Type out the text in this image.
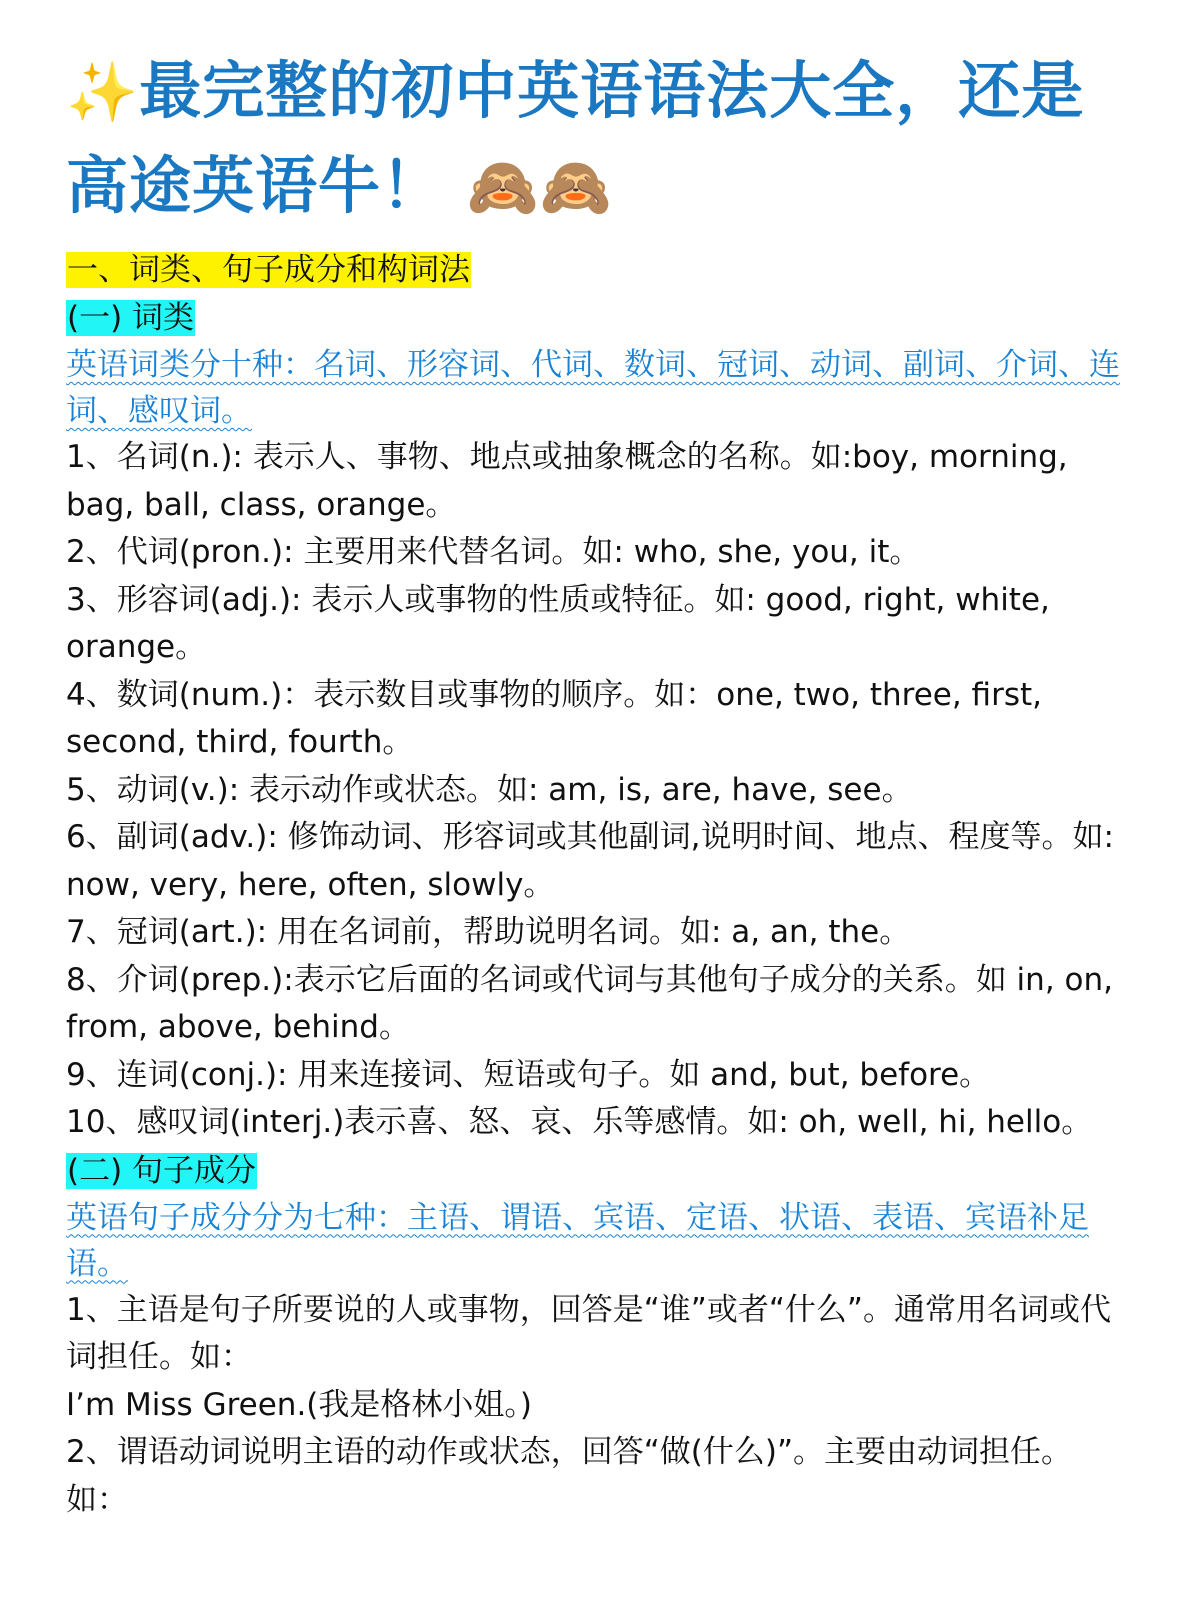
✨最完整的初中英语语法大全，还是高途英语牛！ 🙈🙈

一、词类、句子成分和构词法

(一) 词类

英语词类分十种：名词、形容词、代词、数词、冠词、动词、副词、介词、连词、感叹词。

1、名词(n.): 表示人、事物、地点或抽象概念的名称。如:boy, morning, bag, ball, class, orange。

2、代词(pron.): 主要用来代替名词。如: who, she, you, it。

3、形容词(adj.): 表示人或事物的性质或特征。如: good, right, white, orange。

4、数词(num.)：表示数目或事物的顺序。如：one, two, three, first, second, third, fourth。

5、动词(v.): 表示动作或状态。如: am, is, are, have, see。

6、副词(adv.): 修饰动词、形容词或其他副词,说明时间、地点、程度等。如: now, very, here, often, slowly。

7、冠词(art.): 用在名词前，帮助说明名词。如: a, an, the。

8、介词(prep.):表示它后面的名词或代词与其他句子成分的关系。如 in, on, from, above, behind。

9、连词(conj.): 用来连接词、短语或句子。如 and, but, before。

10、感叹词(interj.)表示喜、怒、哀、乐等感情。如: oh, well, hi, hello。

(二) 句子成分

英语句子成分分为七种：主语、谓语、宾语、定语、状语、表语、宾语补足语。

1、主语是句子所要说的人或事物，回答是“谁”或者“什么”。通常用名词或代词担任。如：

I’m Miss Green.(我是格林小姐。)

2、谓语动词说明主语的动作或状态，回答“做(什么)”。主要由动词担任。如：
